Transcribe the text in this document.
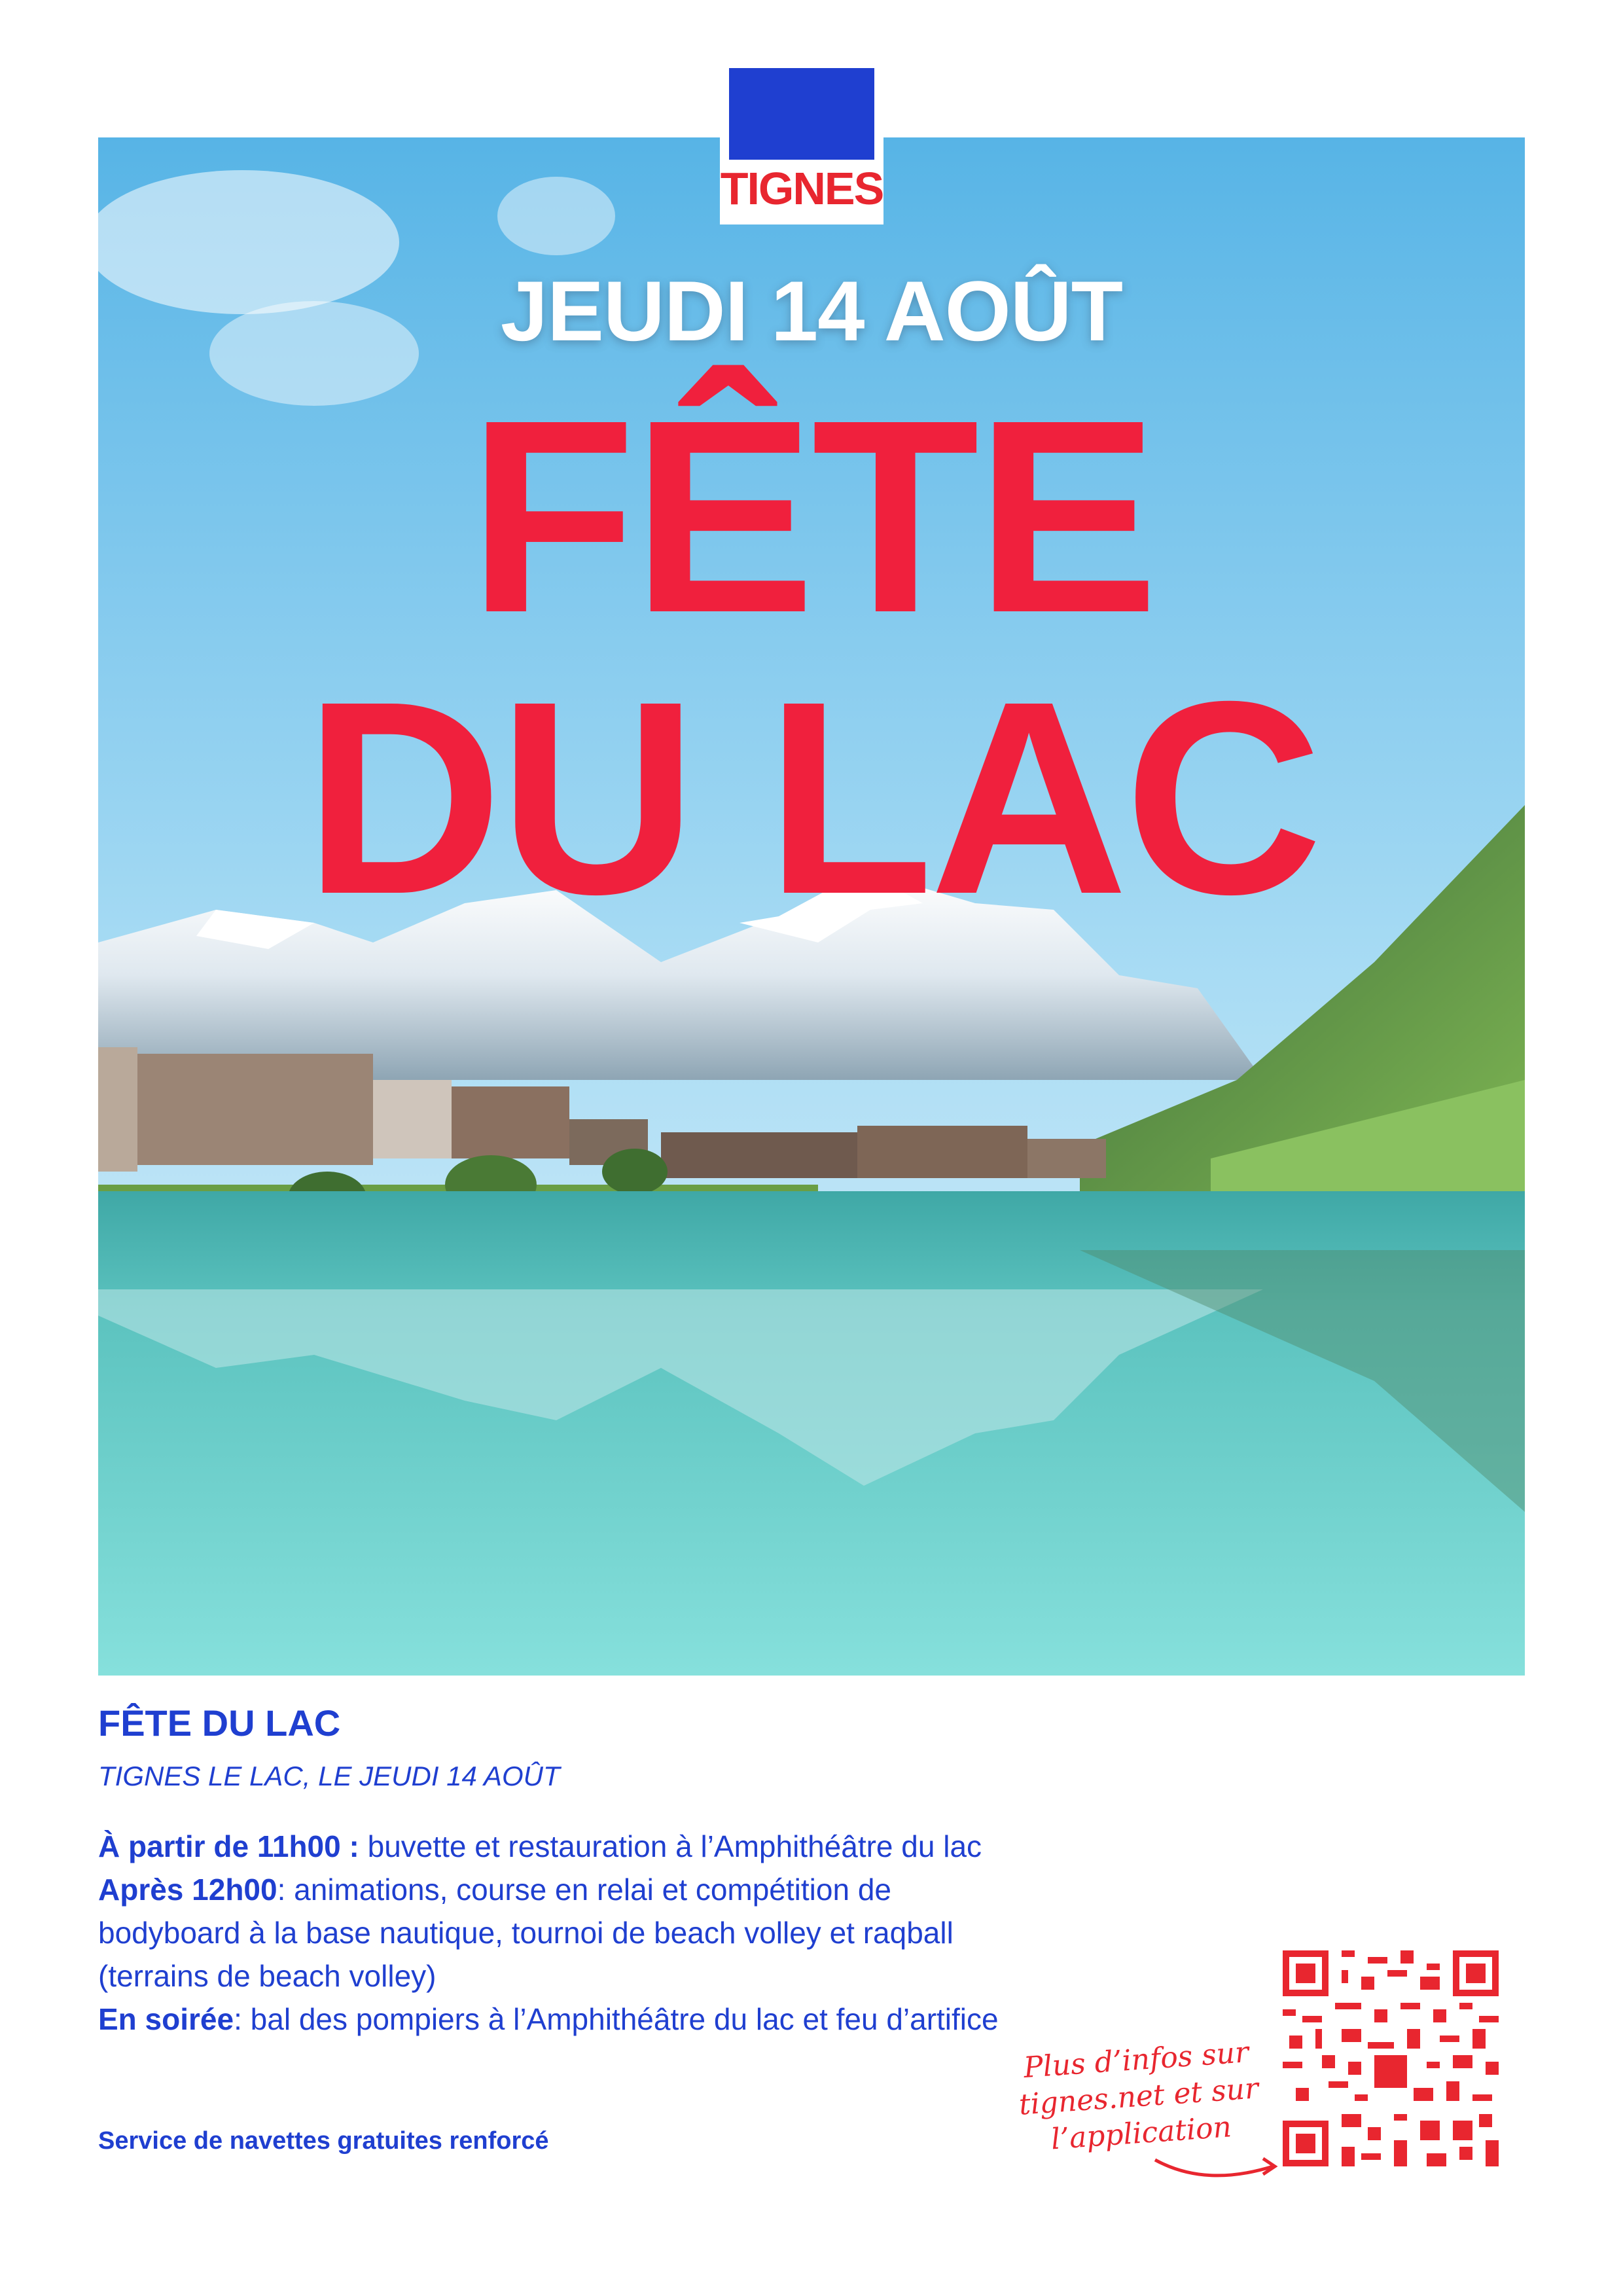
TIGNES
JEUDI 14 AOÛT
FÊTE
DU LAC
FÊTE DU LAC
TIGNES LE LAC, LE JEUDI 14 AOÛT

À partir de 11h00 : buvette et restauration à l’Amphithéâtre du lac

Après 12h00: animations, course en relai et compétition de bodyboard à la base nautique, tournoi de beach volley et raqball (terrains de beach volley)

En soirée: bal des pompiers à l’Amphithéâtre du lac et feu d’artifice

Service de navettes gratuites renforcé
Plus d’infos sur
tignes.net et sur
l’application
